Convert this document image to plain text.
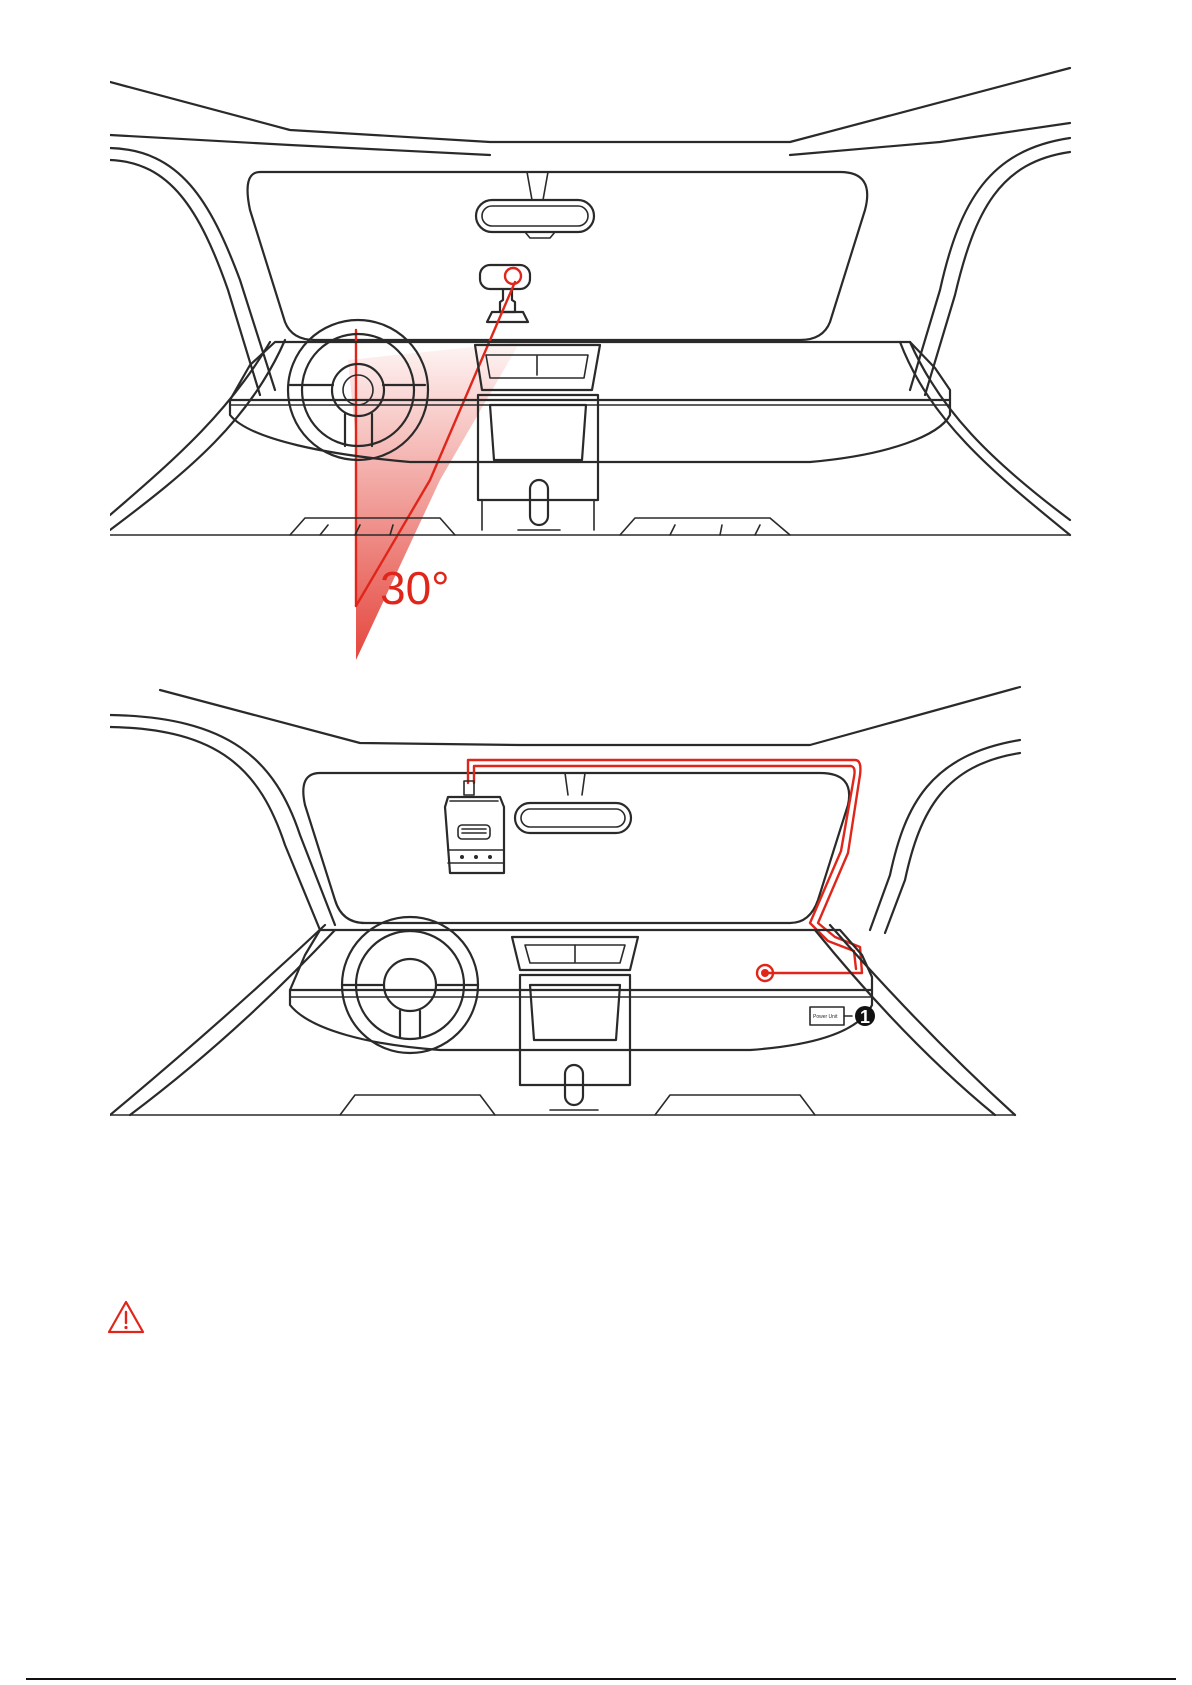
30°
Power Unit 1
